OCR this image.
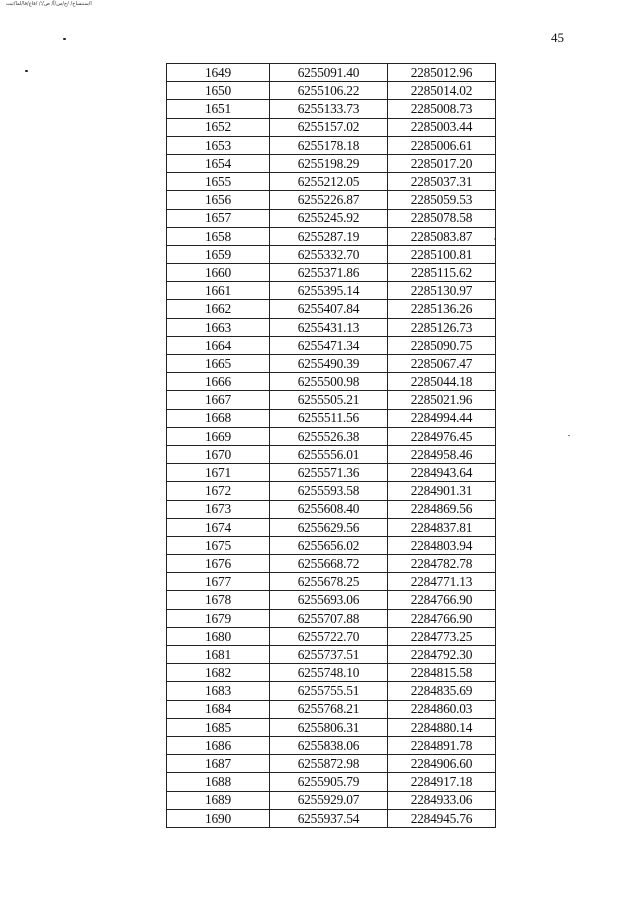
ا/ستنساخ/‏ /ج/س/آ/ ص/؛/ ‏/قاع/قا/لما/ثبت
45
1649	6255091.40	2285012.96
1650	6255106.22	2285014.02
1651	6255133.73	2285008.73
1652	6255157.02	2285003.44
1653	6255178.18	2285006.61
1654	6255198.29	2285017.20
1655	6255212.05	2285037.31
1656	6255226.87	2285059.53
1657	6255245.92	2285078.58
1658	6255287.19	2285083.87
1659	6255332.70	2285100.81
1660	6255371.86	2285115.62
1661	6255395.14	2285130.97
1662	6255407.84	2285136.26
1663	6255431.13	2285126.73
1664	6255471.34	2285090.75
1665	6255490.39	2285067.47
1666	6255500.98	2285044.18
1667	6255505.21	2285021.96
1668	6255511.56	2284994.44
1669	6255526.38	2284976.45
1670	6255556.01	2284958.46
1671	6255571.36	2284943.64
1672	6255593.58	2284901.31
1673	6255608.40	2284869.56
1674	6255629.56	2284837.81
1675	6255656.02	2284803.94
1676	6255668.72	2284782.78
1677	6255678.25	2284771.13
1678	6255693.06	2284766.90
1679	6255707.88	2284766.90
1680	6255722.70	2284773.25
1681	6255737.51	2284792.30
1682	6255748.10	2284815.58
1683	6255755.51	2284835.69
1684	6255768.21	2284860.03
1685	6255806.31	2284880.14
1686	6255838.06	2284891.78
1687	6255872.98	2284906.60
1688	6255905.79	2284917.18
1689	6255929.07	2284933.06
1690	6255937.54	2284945.76
